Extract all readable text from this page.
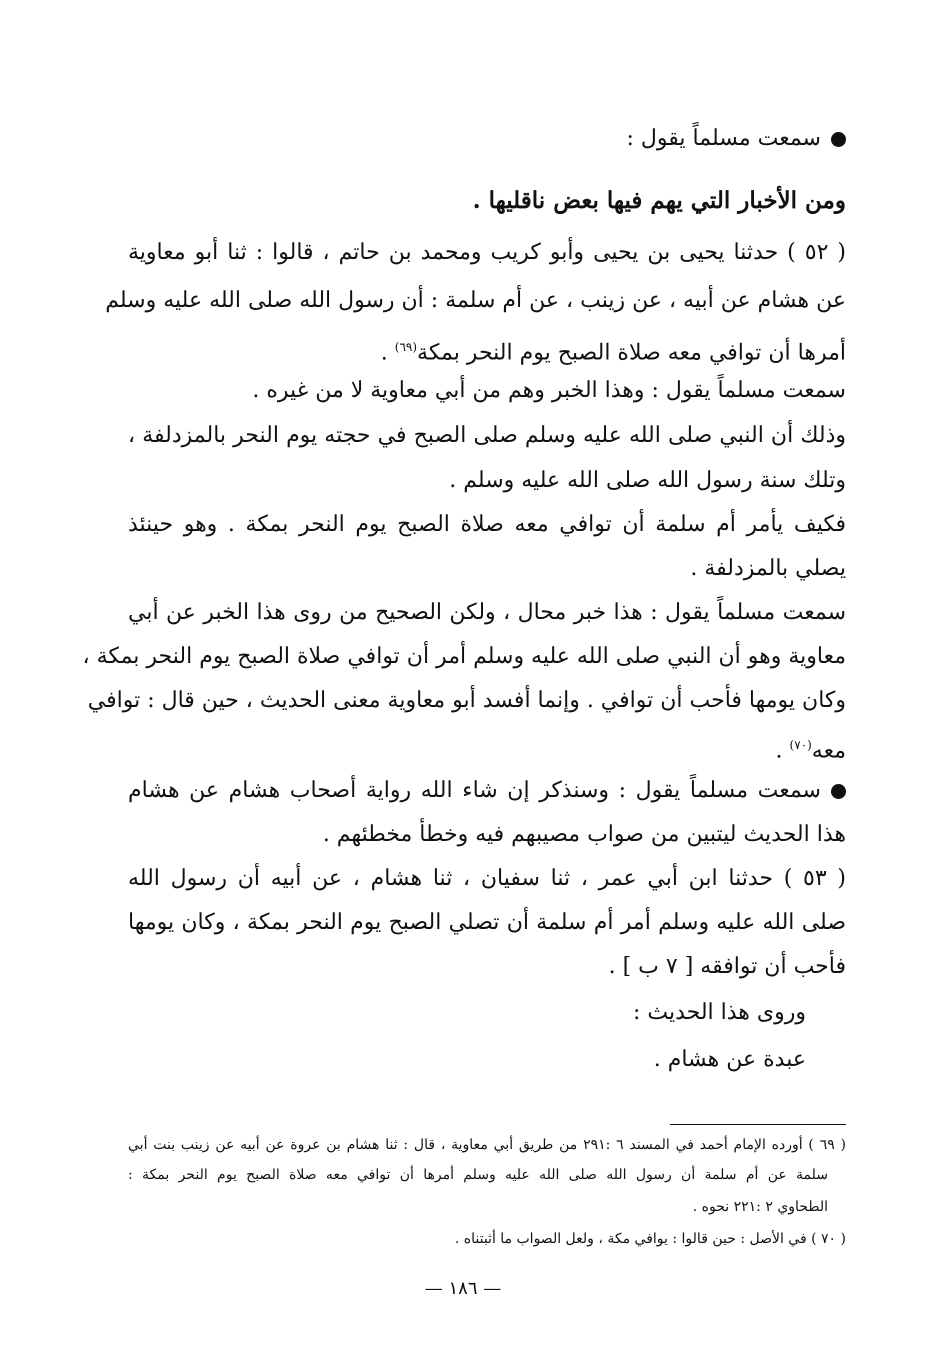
سمعت مسلماً يقول :
ومن الأخبار التي يهم فيها بعض ناقليها .
( ٥٢ ) حدثنا يحيى بن يحيى وأبو كريب ومحمد بن حاتم ، قالوا : ثنا أبو معاوية
عن هشام عن أبيه ، عن زينب ، عن أم سلمة : أن رسول الله صلى الله عليه وسلم
أمرها أن توافي معه صلاة الصبح يوم النحر بمكة$^{(٦٩)}$ .
سمعت مسلماً يقول : وهذا الخبر وهم من أبي معاوية لا من غيره .
وذلك أن النبي صلى الله عليه وسلم صلى الصبح في حجته يوم النحر بالمزدلفة ،
وتلك سنة رسول الله صلى الله عليه وسلم .
فكيف يأمر أم سلمة أن توافي معه صلاة الصبح يوم النحر بمكة . وهو حينئذ
يصلي بالمزدلفة .
سمعت مسلماً يقول : هذا خبر محال ، ولكن الصحيح من روى هذا الخبر عن أبي
معاوية وهو أن النبي صلى الله عليه وسلم أمر أن توافي صلاة الصبح يوم النحر بمكة ،
وكان يومها فأحب أن توافي . وإنما أفسد أبو معاوية معنى الحديث ، حين قال : توافي
معه$^{(٧٠)}$ .
سمعت مسلماً يقول : وسنذكر إن شاء الله رواية أصحاب هشام عن هشام
هذا الحديث ليتبين من صواب مصيبهم فيه وخطأ مخطئهم .
( ٥٣ ) حدثنا ابن أبي عمر ، ثنا سفيان ، ثنا هشام ، عن أبيه أن رسول الله
صلى الله عليه وسلم أمر أم سلمة أن تصلي الصبح يوم النحر بمكة ، وكان يومها
فأحب أن توافقه [ ٧ ب ] .
وروى هذا الحديث :
عبدة عن هشام .
( ٦٩ ) أورده الإمام أحمد في المسند ٦ :٢٩١ من طريق أبي معاوية ، قال : ثنا هشام بن عروة عن أبيه عن زينب بنت أبي
سلمة عن أم سلمة أن رسول الله صلى الله عليه وسلم أمرها أن توافي معه صلاة الصبح يوم النحر بمكة :
الطحاوي ٢ :٢٢١ نحوه .
( ٧٠ ) في الأصل : حين قالوا : يوافي مكة ، ولعل الصواب ما أثبتناه .
— ١٨٦ —
